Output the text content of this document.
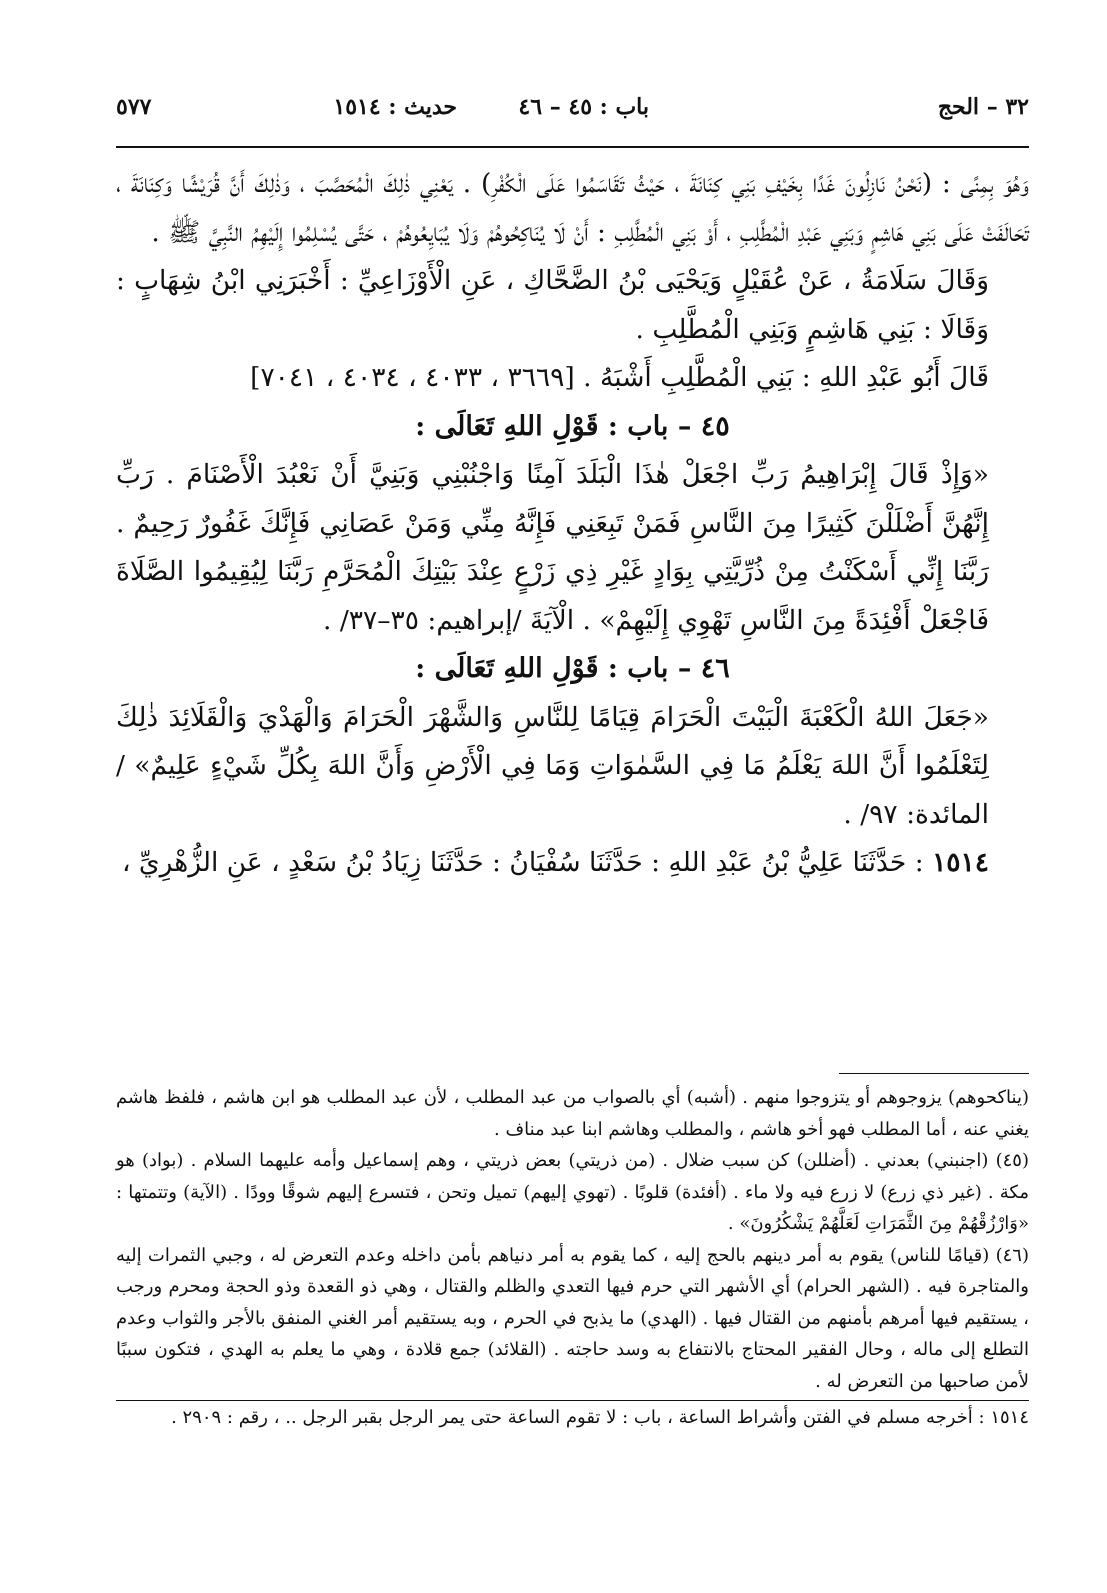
٣٢ – الحج
باب : ٤٥ – ٤٦
حديث : ١٥١٤
٥٧٧

وَهُوَ بِمِنًى : (نَحْنُ نَازِلُونَ غَدًا بِخَيْفِ بَنِي كِنَانَةَ ، حَيْثُ تَقَاسَمُوا عَلَى الْكُفْرِ) . يَعْنِي ذٰلِكَ الْمُحَصَّبَ ، وَذٰلِكَ أَنَّ قُرَيْشًا وَكِنَانَةَ ، تَحَالَفَتْ عَلَى بَنِي هَاشِمٍ وَبَنِي عَبْدِ الْمُطَّلِبِ ، أَوْ بَنِي الْمُطَّلِبِ : أَنْ لَا يُنَاكِحُوهُمْ وَلَا يُبَايِعُوهُمْ ، حَتَّى يُسْلِمُوا إِلَيْهِمُ النَّبِيَّ ﷺ .

وَقَالَ سَلَامَةُ ، عَنْ عُقَيْلٍ وَيَحْيَى بْنُ الضَّحَّاكِ ، عَنِ الْأَوْزَاعِيِّ : أَخْبَرَنِي ابْنُ شِهَابٍ : وَقَالَا : بَنِي هَاشِمٍ وَبَنِي الْمُطَّلِبِ .

قَالَ أَبُو عَبْدِ اللهِ : بَنِي الْمُطَّلِبِ أَشْبَهُ . [٣٦٦٩ ، ٤٠٣٣ ، ٤٠٣٤ ، ٧٠٤١]

٤٥ – باب : قَوْلِ اللهِ تَعَالَى :

«وَإِذْ قَالَ إِبْرَاهِيمُ رَبِّ اجْعَلْ هٰذَا الْبَلَدَ آمِنًا وَاجْنُبْنِي وَبَنِيَّ أَنْ نَعْبُدَ الْأَصْنَامَ . رَبِّ إِنَّهُنَّ أَضْلَلْنَ كَثِيرًا مِنَ النَّاسِ فَمَنْ تَبِعَنِي فَإِنَّهُ مِنِّي وَمَنْ عَصَانِي فَإِنَّكَ غَفُورٌ رَحِيمٌ . رَبَّنَا إِنِّي أَسْكَنْتُ مِنْ ذُرِّيَّتِي بِوَادٍ غَيْرِ ذِي زَرْعٍ عِنْدَ بَيْتِكَ الْمُحَرَّمِ رَبَّنَا لِيُقِيمُوا الصَّلَاةَ فَاجْعَلْ أَفْئِدَةً مِنَ النَّاسِ تَهْوِي إِلَيْهِمْ» . الْآيَةَ /إبراهيم: ٣٥–٣٧/ .

٤٦ – باب : قَوْلِ اللهِ تَعَالَى :

«جَعَلَ اللهُ الْكَعْبَةَ الْبَيْتَ الْحَرَامَ قِيَامًا لِلنَّاسِ وَالشَّهْرَ الْحَرَامَ وَالْهَدْيَ وَالْقَلَائِدَ ذٰلِكَ لِتَعْلَمُوا أَنَّ اللهَ يَعْلَمُ مَا فِي السَّمٰوَاتِ وَمَا فِي الْأَرْضِ وَأَنَّ اللهَ بِكُلِّ شَيْءٍ عَلِيمٌ» /المائدة: ٩٧/ .

١٥١٤ : حَدَّثَنَا عَلِيُّ بْنُ عَبْدِ اللهِ : حَدَّثَنَا سُفْيَانُ : حَدَّثَنَا زِيَادُ بْنُ سَعْدٍ ، عَنِ الزُّهْرِيِّ ،

(يناكحوهم) يزوجوهم أو يتزوجوا منهم . (أشبه) أي بالصواب من عبد المطلب ، لأن عبد المطلب هو ابن هاشم ، فلفظ هاشم يغني عنه ، أما المطلب فهو أخو هاشم ، والمطلب وهاشم ابنا عبد مناف .

(٤٥) (اجنبني) بعدني . (أضللن) كن سبب ضلال . (من ذريتي) بعض ذريتي ، وهم إسماعيل وأمه عليهما السلام . (بواد) هو مكة . (غير ذي زرع) لا زرع فيه ولا ماء . (أفئدة) قلوبًا . (تهوي إليهم) تميل وتحن ، فتسرع إليهم شوقًا وودًا . (الآية) وتتمتها : «وَارْزُقْهُمْ مِنَ الثَّمَرَاتِ لَعَلَّهُمْ يَشْكُرُونَ» .

(٤٦) (قيامًا للناس) يقوم به أمر دينهم بالحج إليه ، كما يقوم به أمر دنياهم بأمن داخله وعدم التعرض له ، وجبي الثمرات إليه والمتاجرة فيه . (الشهر الحرام) أي الأشهر التي حرم فيها التعدي والظلم والقتال ، وهي ذو القعدة وذو الحجة ومحرم ورجب ، يستقيم فيها أمرهم بأمنهم من القتال فيها . (الهدي) ما يذبح في الحرم ، وبه يستقيم أمر الغني المنفق بالأجر والثواب وعدم التطلع إلى ماله ، وحال الفقير المحتاج بالانتفاع به وسد حاجته . (القلائد) جمع قلادة ، وهي ما يعلم به الهدي ، فتكون سببًا لأمن صاحبها من التعرض له .

١٥١٤ : أخرجه مسلم في الفتن وأشراط الساعة ، باب : لا تقوم الساعة حتى يمر الرجل بقبر الرجل .. ، رقم : ٢٩٠٩ .
